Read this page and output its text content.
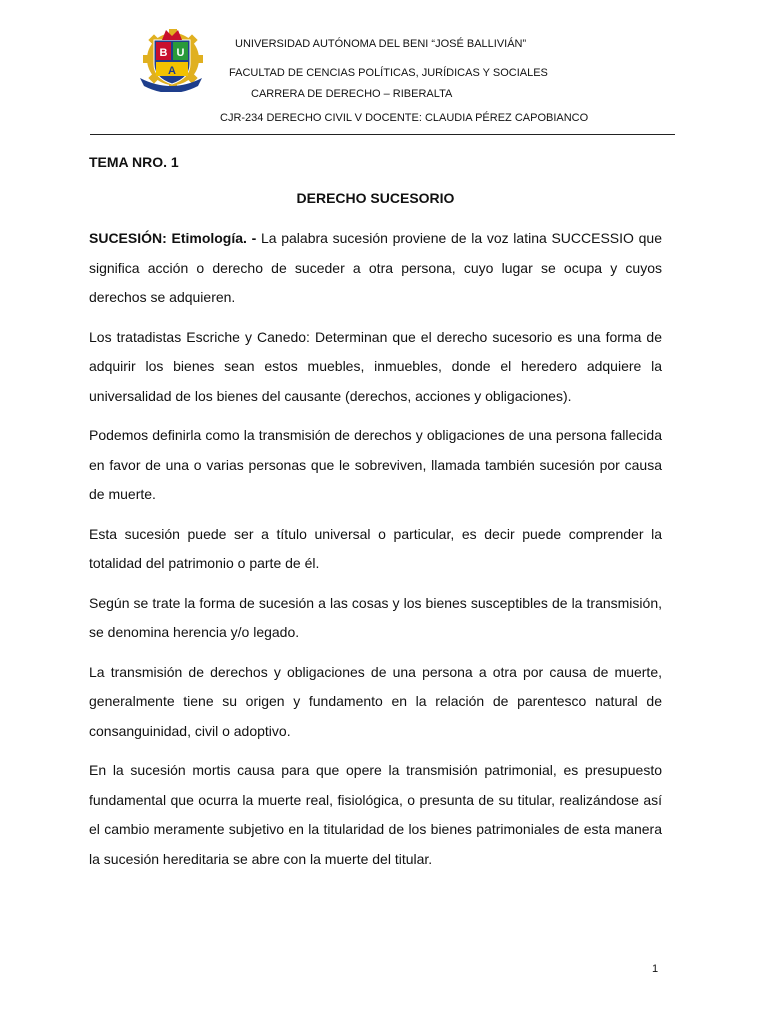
B U
A
UNIVERSIDAD AUTÓNOMA DEL BENI “JOSÉ BALLIVIÁN”
FACULTAD DE CENCIAS POLÍTICAS, JURÍDICAS Y SOCIALES
CARRERA DE DERECHO – RIBERALTA
CJR-234 DERECHO CIVIL V DOCENTE: CLAUDIA PÉREZ CAPOBIANCO
TEMA NRO. 1
DERECHO SUCESORIO

SUCESIÓN: Etimología. - La palabra sucesión proviene de la voz latina SUCCESSIO que significa acción o derecho de suceder a otra persona, cuyo lugar se ocupa y cuyos derechos se adquieren.

Los tratadistas Escriche y Canedo: Determinan que el derecho sucesorio es una forma de adquirir los bienes sean estos muebles, inmuebles, donde el heredero adquiere la universalidad de los bienes del causante (derechos, acciones y obligaciones).

Podemos definirla como la transmisión de derechos y obligaciones de una persona fallecida en favor de una o varias personas que le sobreviven, llamada también sucesión por causa de muerte.

Esta sucesión puede ser a título universal o particular, es decir puede comprender la totalidad del patrimonio o parte de él.

Según se trate la forma de sucesión a las cosas y los bienes susceptibles de la transmisión, se denomina herencia y/o legado.

La transmisión de derechos y obligaciones de una persona a otra por causa de muerte, generalmente tiene su origen y fundamento en la relación de parentesco natural de consanguinidad, civil o adoptivo.

En la sucesión mortis causa para que opere la transmisión patrimonial, es presupuesto fundamental que ocurra la muerte real, fisiológica, o presunta de su titular, realizándose así el cambio meramente subjetivo en la titularidad de los bienes patrimoniales de esta manera la sucesión hereditaria se abre con la muerte del titular.

1
